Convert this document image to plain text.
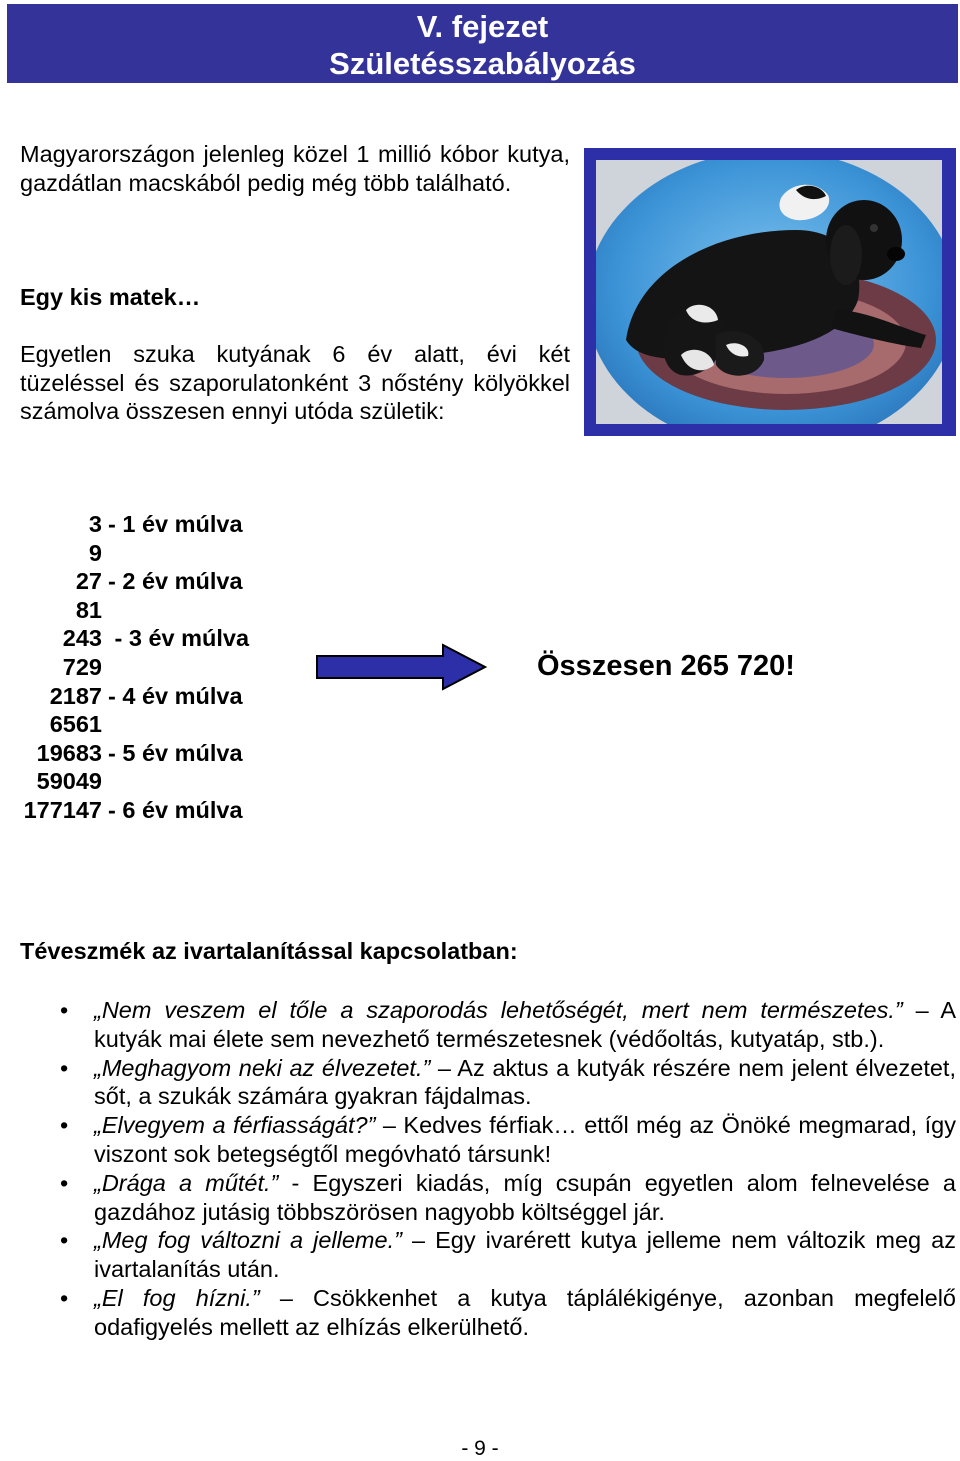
V. fejezet
Születésszabályozás
Magyarországon jelenleg közel 1 millió kóbor kutya, gazdátlan macskából pedig még több található.
Egy kis matek…
Egyetlen szuka kutyának 6 év alatt, évi két tüzeléssel és szaporulatonként 3 nőstény kölyökkel számolva összesen ennyi utóda születik:
3 - 1 év múlva
9
27 - 2 év múlva
81
243 - 3 év múlva
729
2187 - 4 év múlva
6561
19683 - 5 év múlva
59049
177147 - 6 év múlva
Összesen 265 720!
Téveszmék az ivartalanítással kapcsolatban:
• „Nem veszem el tőle a szaporodás lehetőségét, mert nem természetes.” – A kutyák mai élete sem nevezhető természetesnek (védőoltás, kutyatáp, stb.).
• „Meghagyom neki az élvezetet.” – Az aktus a kutyák részére nem jelent élvezetet, sőt, a szukák számára gyakran fájdalmas.
• „Elvegyem a férfiasságát?” – Kedves férfiak… ettől még az Önöké megmarad, így viszont sok betegségtől megóvható társunk!
• „Drága a műtét.” - Egyszeri kiadás, míg csupán egyetlen alom felnevelése a gazdához jutásig többszörösen nagyobb költséggel jár.
• „Meg fog változni a jelleme.” – Egy ivarérett kutya jelleme nem változik meg az ivartalanítás után.
• „El fog hízni.” – Csökkenhet a kutya táplálékigénye, azonban megfelelő odafigyelés mellett az elhízás elkerülhető.
- 9 -
